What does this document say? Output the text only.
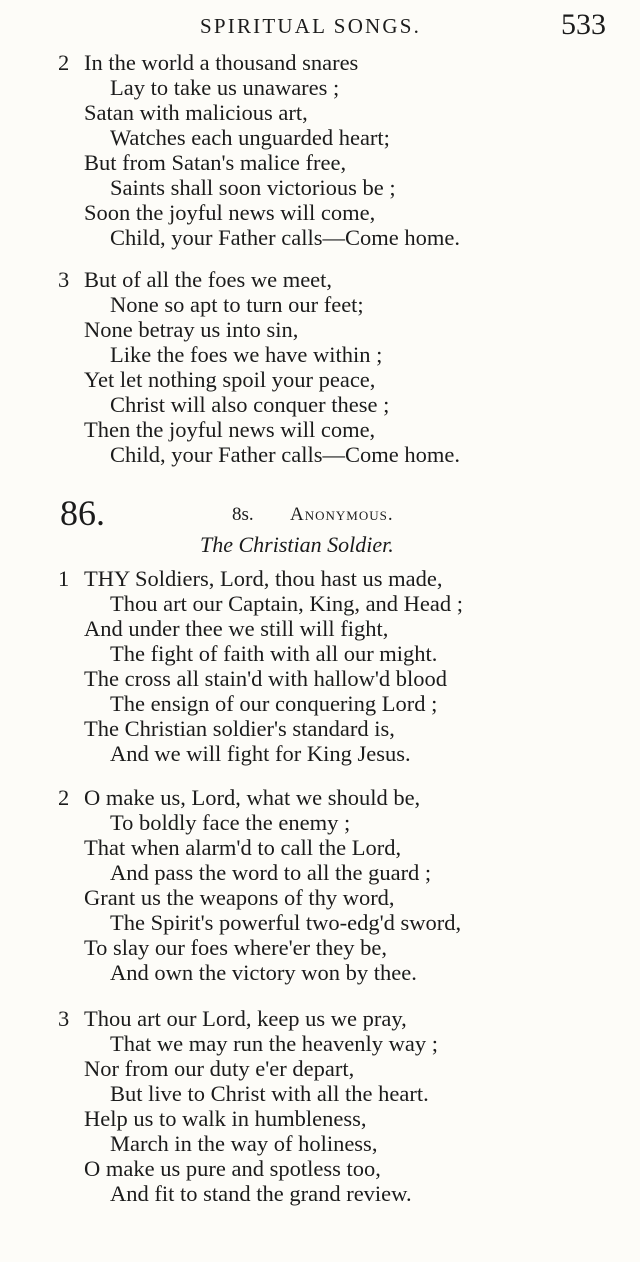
SPIRITUAL SONGS.	533
2 In the world a thousand snares
Lay to take us unawares ;
Satan with malicious art,
Watches each unguarded heart;
But from Satan's malice free,
Saints shall soon victorious be ;
Soon the joyful news will come,
Child, your Father calls—Come home.
3 But of all the foes we meet,
None so apt to turn our feet;
None betray us into sin,
Like the foes we have within ;
Yet let nothing spoil your peace,
Christ will also conquer these ;
Then the joyful news will come,
Child, your Father calls—Come home.
86.	8s. Anonymous.
The Christian Soldier.
1 THY Soldiers, Lord, thou hast us made,
Thou art our Captain, King, and Head ;
And under thee we still will fight,
The fight of faith with all our might.
The cross all stain'd with hallow'd blood
The ensign of our conquering Lord ;
The Christian soldier's standard is,
And we will fight for King Jesus.
2 O make us, Lord, what we should be,
To boldly face the enemy ;
That when alarm'd to call the Lord,
And pass the word to all the guard ;
Grant us the weapons of thy word,
The Spirit's powerful two-edg'd sword,
To slay our foes where'er they be,
And own the victory won by thee.
3 Thou art our Lord, keep us we pray,
That we may run the heavenly way ;
Nor from our duty e'er depart,
But live to Christ with all the heart.
Help us to walk in humbleness,
March in the way of holiness,
O make us pure and spotless too,
And fit to stand the grand review.
